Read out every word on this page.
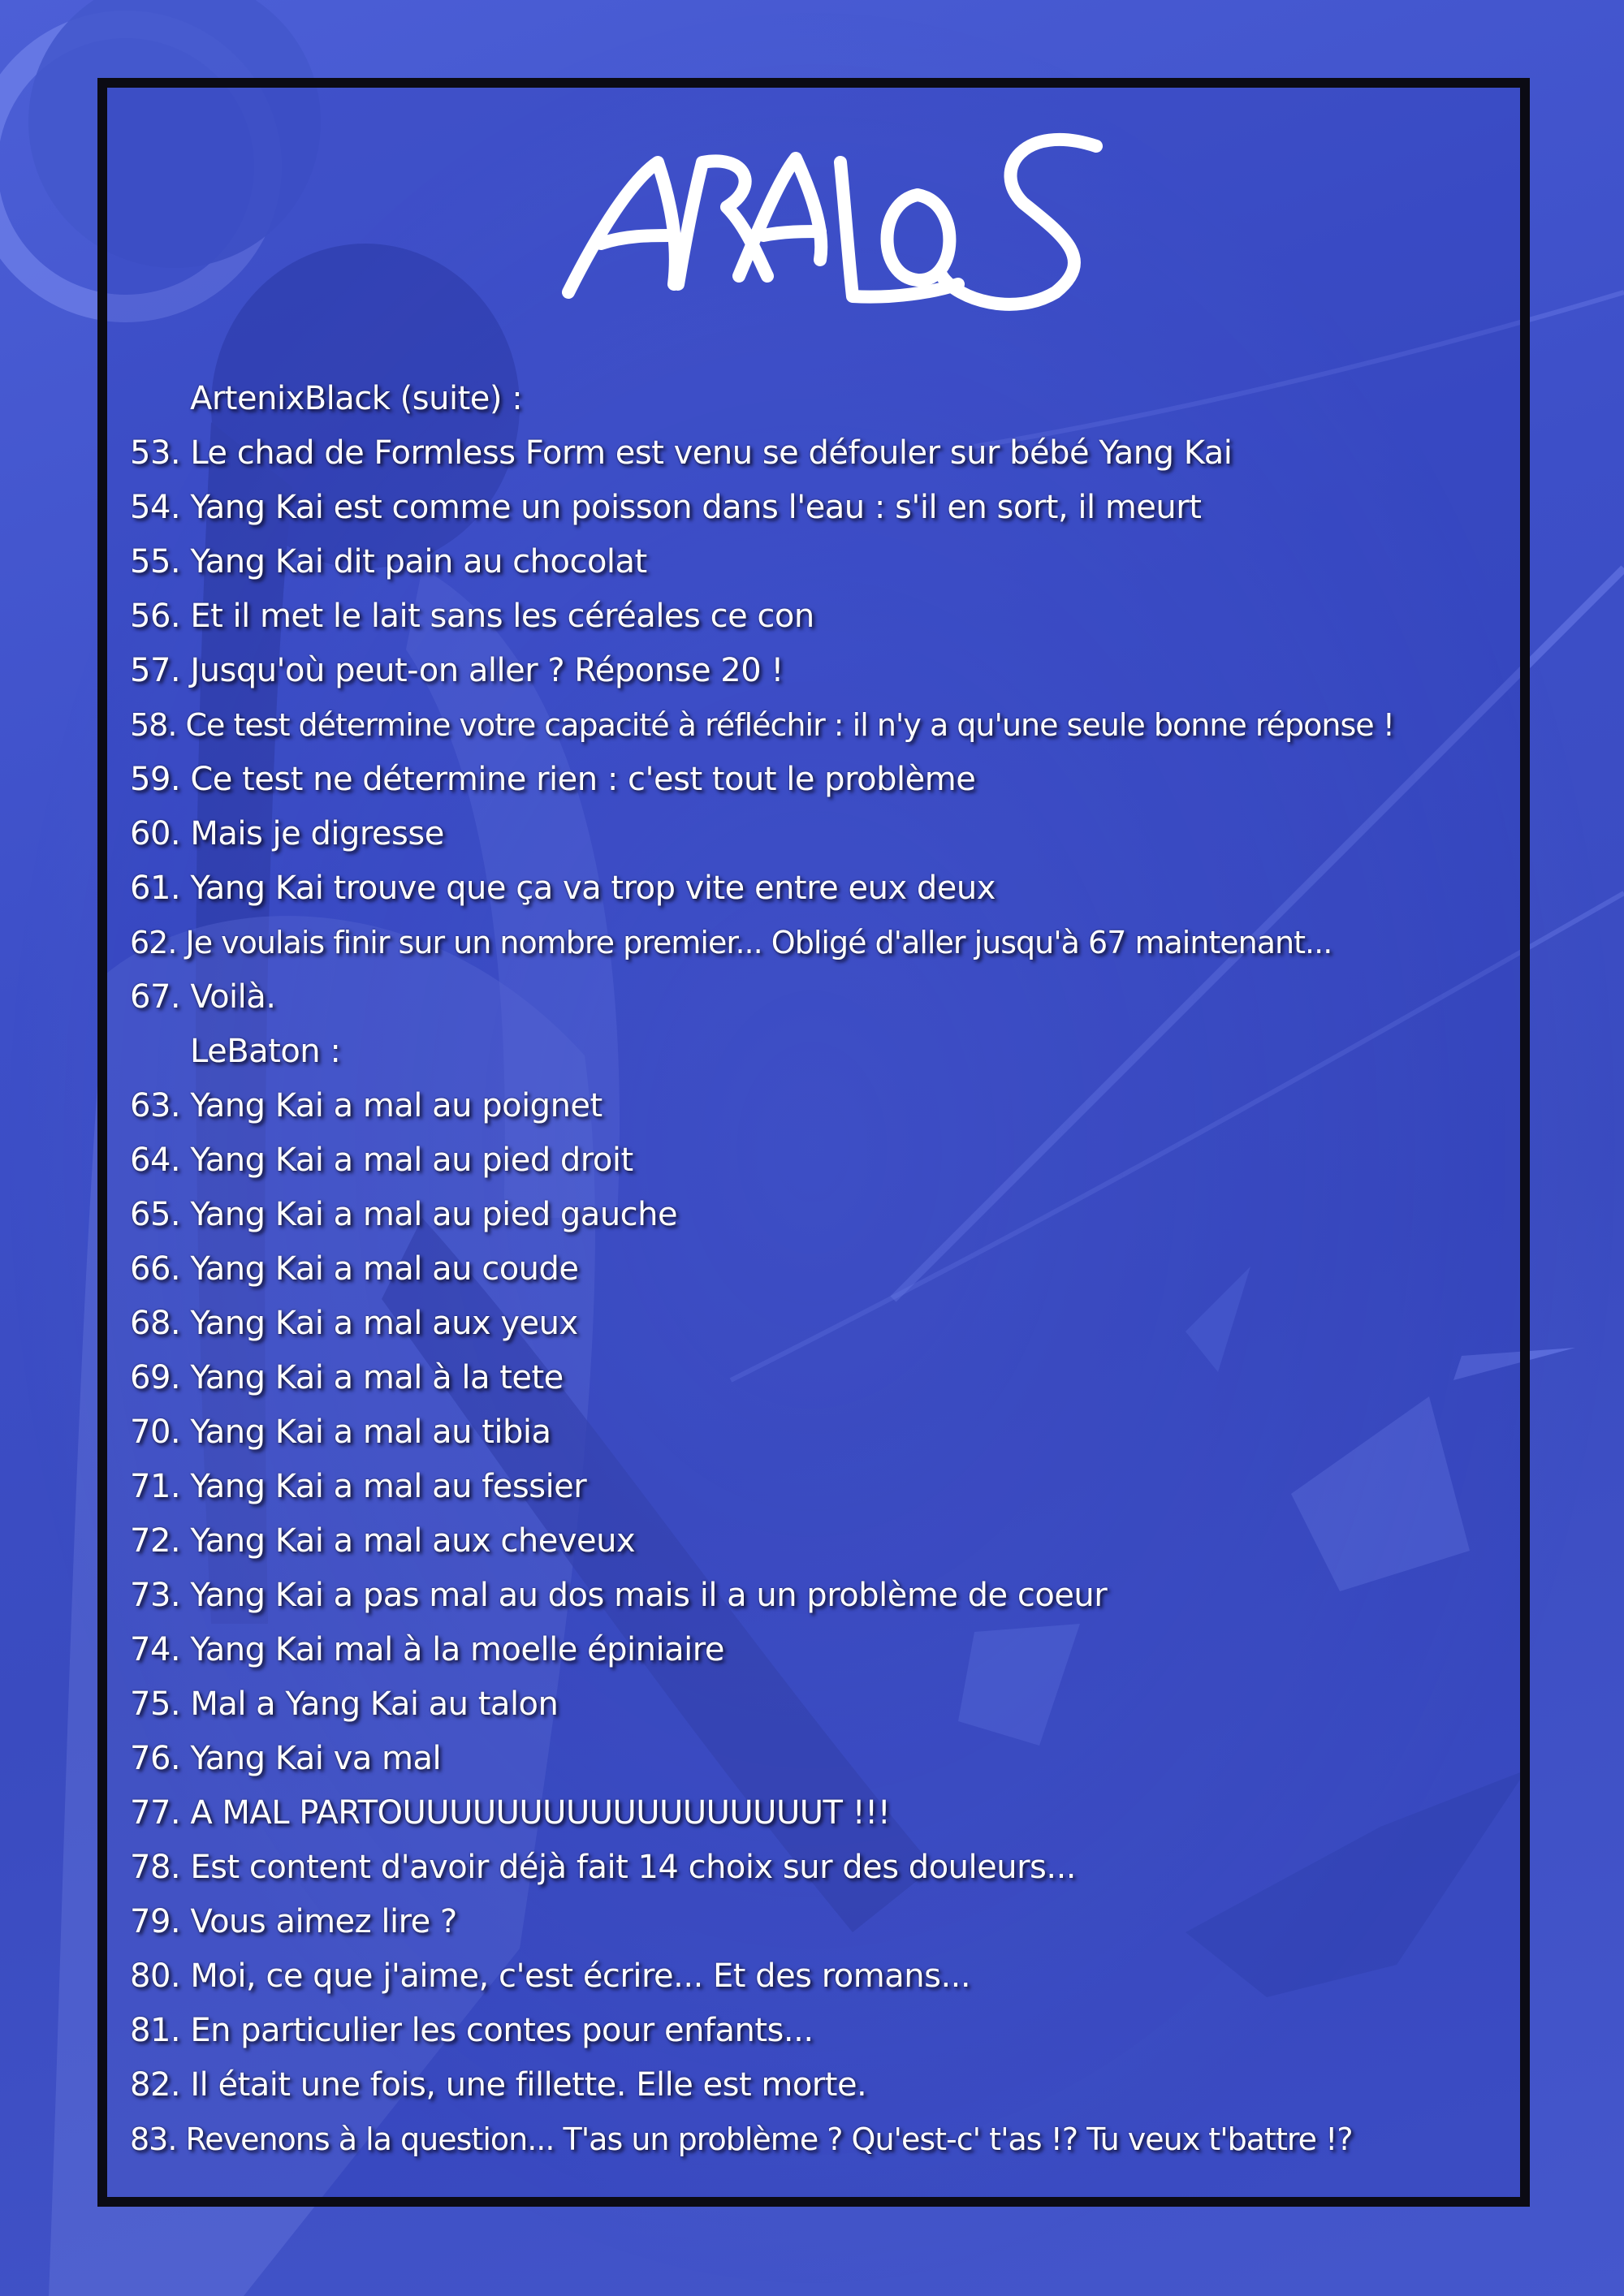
ArtenixBlack (suite) :
53. Le chad de Formless Form est venu se défouler sur bébé Yang Kai
54. Yang Kai est comme un poisson dans l'eau : s'il en sort, il meurt
55. Yang Kai dit pain au chocolat
56. Et il met le lait sans les céréales ce con
57. Jusqu'où peut-on aller ? Réponse 20 !
58. Ce test détermine votre capacité à réfléchir : il n'y a qu'une seule bonne réponse !
59. Ce test ne détermine rien : c'est tout le problème
60. Mais je digresse
61. Yang Kai trouve que ça va trop vite entre eux deux
62. Je voulais finir sur un nombre premier... Obligé d'aller jusqu'à 67 maintenant...
67. Voilà.
LeBaton :
63. Yang Kai a mal au poignet
64. Yang Kai a mal au pied droit
65. Yang Kai a mal au pied gauche
66. Yang Kai a mal au coude
68. Yang Kai a mal aux yeux
69. Yang Kai a mal à la tete
70. Yang Kai a mal au tibia
71. Yang Kai a mal au fessier
72. Yang Kai a mal aux cheveux
73. Yang Kai a pas mal au dos mais il a un problème de coeur
74. Yang Kai mal à la moelle épiniaire
75. Mal a Yang Kai au talon
76. Yang Kai va mal
77. A MAL PARTOUUUUUUUUUUUUUUUUUUT !!!
78. Est content d'avoir déjà fait 14 choix sur des douleurs...
79. Vous aimez lire ?
80. Moi, ce que j'aime, c'est écrire... Et des romans...
81. En particulier les contes pour enfants...
82. Il était une fois, une fillette. Elle est morte.
83. Revenons à la question... T'as un problème ? Qu'est-c' t'as !? Tu veux t'battre !?
